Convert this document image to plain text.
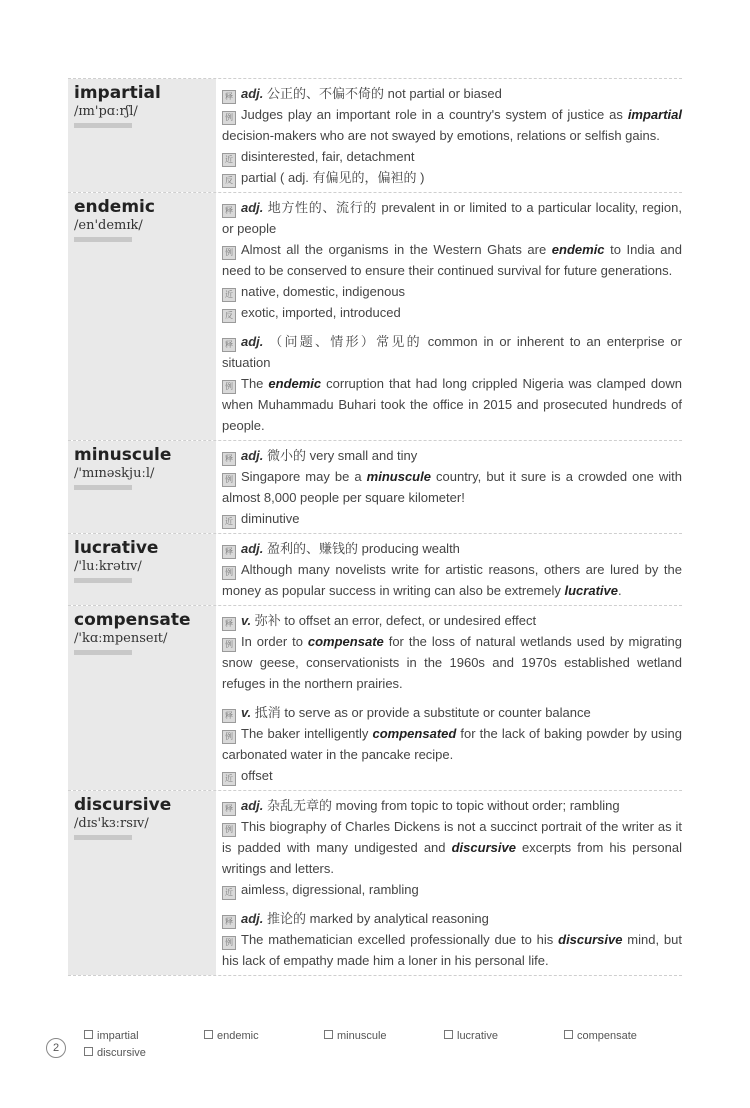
impartial
/ɪm'pɑːrʃl/
释 adj. 公正的、不偏不倚的 not partial or biased
例 Judges play an important role in a country's system of justice as impartial decision-makers who are not swayed by emotions, relations or selfish gains.
近 disinterested, fair, detachment
反 partial ( adj. 有偏见的，偏袒的 )
endemic
/en'demɪk/
释 adj. 地方性的、流行的 prevalent in or limited to a particular locality, region, or people
例 Almost all the organisms in the Western Ghats are endemic to India and need to be conserved to ensure their continued survival for future generations.
近 native, domestic, indigenous
反 exotic, imported, introduced
释 adj. （问题、情形）常见的 common in or inherent to an enterprise or situation
例 The endemic corruption that had long crippled Nigeria was clamped down when Muhammadu Buhari took the office in 2015 and prosecuted hundreds of people.
minuscule
/'mɪnəskjuːl/
释 adj. 微小的 very small and tiny
例 Singapore may be a minuscule country, but it sure is a crowded one with almost 8,000 people per square kilometer!
近 diminutive
lucrative
/'luːkrətɪv/
释 adj. 盈利的、赚钱的 producing wealth
例 Although many novelists write for artistic reasons, others are lured by the money as popular success in writing can also be extremely lucrative.
compensate
/'kɑːmpenseɪt/
释 v. 弥补 to offset an error, defect, or undesired effect
例 In order to compensate for the loss of natural wetlands used by migrating snow geese, conservationists in the 1960s and 1970s established wetland refuges in the northern prairies.
释 v. 抵消 to serve as or provide a substitute or counter balance
例 The baker intelligently compensated for the lack of baking powder by using carbonated water in the pancake recipe.
近 offset
discursive
/dɪs'kɜːrsɪv/
释 adj. 杂乱无章的 moving from topic to topic without order; rambling
例 This biography of Charles Dickens is not a succinct portrait of the writer as it is padded with many undigested and discursive excerpts from his personal writings and letters.
近 aimless, digressional, rambling
释 adj. 推论的 marked by analytical reasoning
例 The mathematician excelled professionally due to his discursive mind, but his lack of empathy made him a loner in his personal life.
2
impartial	endemic	minuscule	lucrative	compensate
discursive
